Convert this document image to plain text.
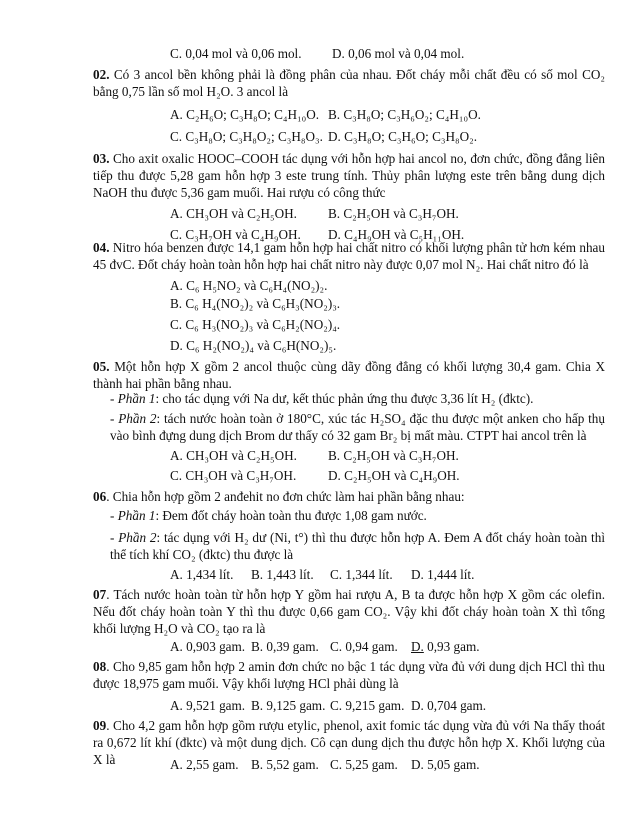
C. 0,04 mol và 0,06 mol. D. 0,06 mol và 0,04 mol.
02. Có 3 ancol bền không phải là đồng phân của nhau. Đốt cháy mỗi chất đều có số mol CO₂ bằng 0,75 lần số mol H₂O. 3 ancol là
A. C₂H₆O; C₃H₈O; C₄H₁₀O. B. C₃H₈O; C₃H₆O₂; C₄H₁₀O.
C. C₃H₈O; C₃H₈O₂; C₃H₈O₃. D. C₃H₈O; C₃H₆O; C₃H₈O₂.
03. Cho axit oxalic HOOC–COOH tác dụng với hỗn hợp hai ancol no, đơn chức, đồng đẳng liên tiếp thu được 5,28 gam hỗn hợp 3 este trung tính. Thủy phân lượng este trên bằng dung dịch NaOH thu được 5,36 gam muối. Hai rượu có công thức
A. CH₃OH và C₂H₅OH. B. C₂H₅OH và C₃H₇OH.
C. C₃H₇OH và C₄H₉OH. D. C₄H₉OH và C₅H₁₁OH.
04. Nitro hóa benzen được 14,1 gam hỗn hợp hai chất nitro có khối lượng phân tử hơn kém nhau 45 đvC. Đốt cháy hoàn toàn hỗn hợp hai chất nitro này được 0,07 mol N₂. Hai chất nitro đó là
A. C₆ H₅NO₂ và C₆H₄(NO₂)₂.
B. C₆ H₄(NO₂)₂ và C₆H₃(NO₂)₃.
C. C₆ H₃(NO₂)₃ và C₆H₂(NO₂)₄.
D. C₆ H₂(NO₂)₄ và C₆H(NO₂)₅.
05. Một hỗn hợp X gồm 2 ancol thuộc cùng dãy đồng đẳng có khối lượng 30,4 gam. Chia X thành hai phần bằng nhau.
- Phần 1: cho tác dụng với Na dư, kết thúc phản ứng thu được 3,36 lít H₂ (đktc).
- Phần 2: tách nước hoàn toàn ở 180°C, xúc tác H₂SO₄ đặc thu được một anken cho hấp thụ vào bình đựng dung dịch Brom dư thấy có 32 gam Br₂ bị mất màu. CTPT hai ancol trên là
A. CH₃OH và C₂H₅OH. B. C₂H₅OH và C₃H₇OH.
C. CH₃OH và C₃H₇OH. D. C₂H₅OH và C₄H₉OH.
06. Chia hỗn hợp gồm 2 anđehit no đơn chức làm hai phần bằng nhau:
- Phần 1: Đem đốt cháy hoàn toàn thu được 1,08 gam nước.
- Phần 2: tác dụng với H₂ dư (Ni, t°) thì thu được hỗn hợp A. Đem A đốt cháy hoàn toàn thì thể tích khí CO₂ (đktc) thu được là
A. 1,434 lít. B. 1,443 lít. C. 1,344 lít. D. 1,444 lít.
07. Tách nước hoàn toàn từ hỗn hợp Y gồm hai rượu A, B ta được hỗn hợp X gồm các olefin. Nếu đốt cháy hoàn toàn Y thì thu được 0,66 gam CO₂. Vậy khi đốt cháy hoàn toàn X thì tổng khối lượng H₂O và CO₂ tạo ra là
A. 0,903 gam. B. 0,39 gam. C. 0,94 gam. D. 0,93 gam.
08. Cho 9,85 gam hỗn hợp 2 amin đơn chức no bậc 1 tác dụng vừa đủ với dung dịch HCl thì thu được 18,975 gam muối. Vậy khối lượng HCl phải dùng là
A. 9,521 gam. B. 9,125 gam. C. 9,215 gam. D. 0,704 gam.
09. Cho 4,2 gam hỗn hợp gồm rượu etylic, phenol, axit fomic tác dụng vừa đủ với Na thấy thoát ra 0,672 lít khí (đktc) và một dung dịch. Cô cạn dung dịch thu được hỗn hợp X. Khối lượng của X là	A. 2,55 gam. B. 5,52 gam. C. 5,25 gam. D. 5,05 gam.
